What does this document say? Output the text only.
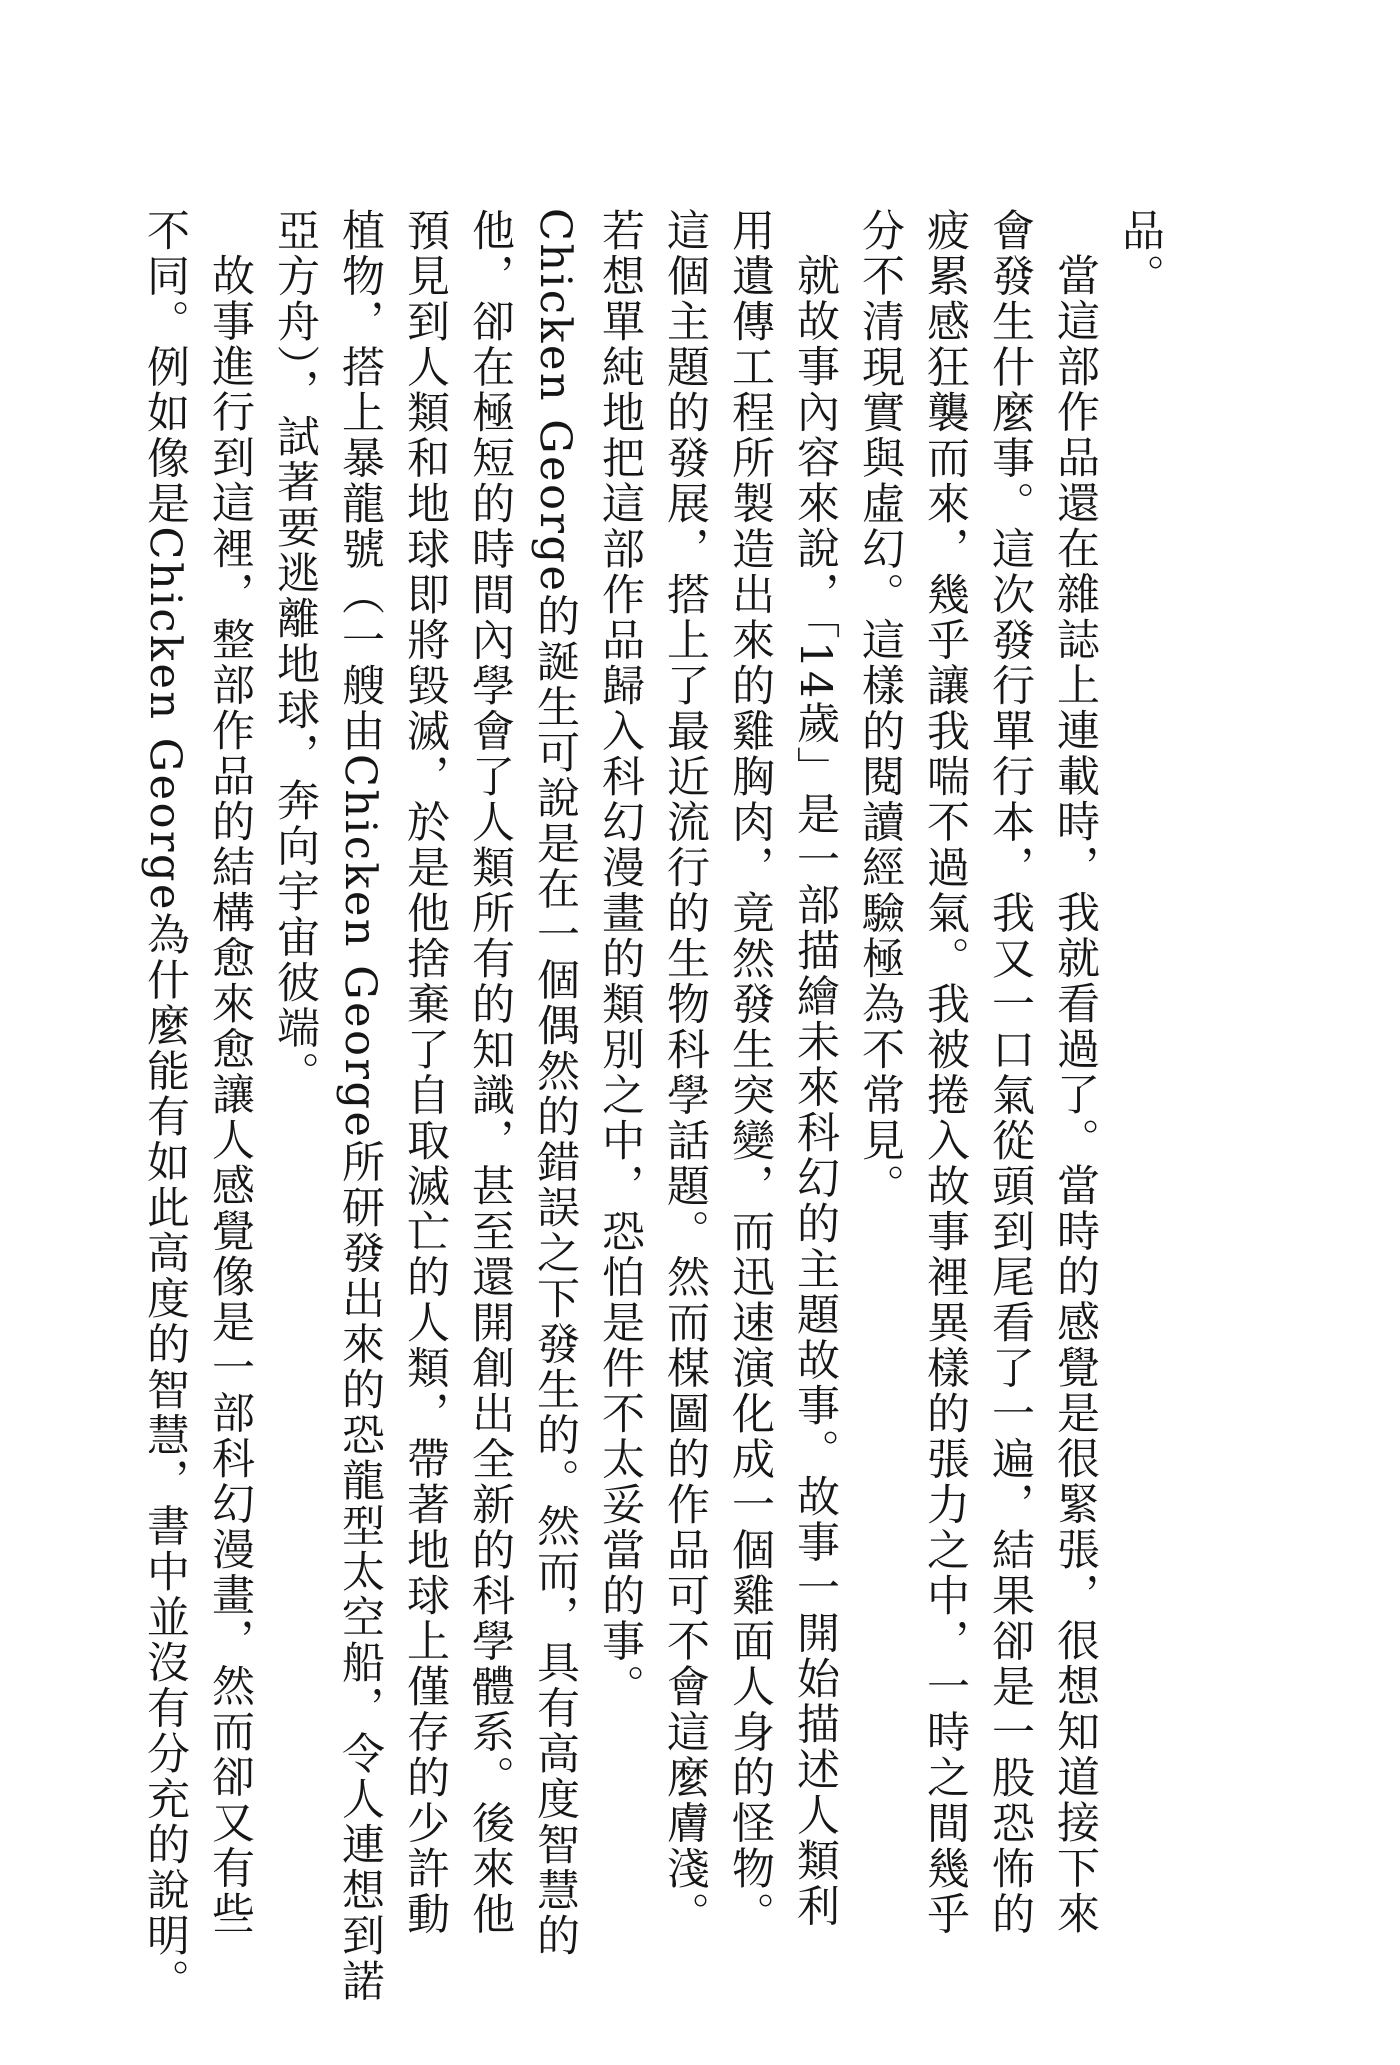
品。
當這部作品還在雜誌上連載時，我就看過了。當時的感覺是很緊張，很想知道接下來
會發生什麼事。這次發行單行本，我又一口氣從頭到尾看了一遍，結果卻是一股恐怖的
疲累感狂襲而來，幾乎讓我喘不過氣。我被捲入故事裡異樣的張力之中，一時之間幾乎
分不清現實與虛幻。這樣的閱讀經驗極為不常見。
就故事內容來說，「14歲」是一部描繪未來科幻的主題故事。故事一開始描述人類利
用遺傳工程所製造出來的雞胸肉，竟然發生突變，而迅速演化成一個雞面人身的怪物。
這個主題的發展，搭上了最近流行的生物科學話題。然而楳圖的作品可不會這麼膚淺。
若想單純地把這部作品歸入科幻漫畫的類別之中，恐怕是件不太妥當的事。
Chicken George的誕生可說是在一個偶然的錯誤之下發生的。然而，具有高度智慧的
他，卻在極短的時間內學會了人類所有的知識，甚至還開創出全新的科學體系。後來他
預見到人類和地球即將毀滅，於是他捨棄了自取滅亡的人類，帶著地球上僅存的少許動
植物，搭上暴龍號（一艘由Chicken George所研發出來的恐龍型太空船，令人連想到諾
亞方舟），試著要逃離地球，奔向宇宙彼端。
故事進行到這裡，整部作品的結構愈來愈讓人感覺像是一部科幻漫畫，然而卻又有些
不同。例如像是Chicken George為什麼能有如此高度的智慧，書中並沒有分充的說明。
